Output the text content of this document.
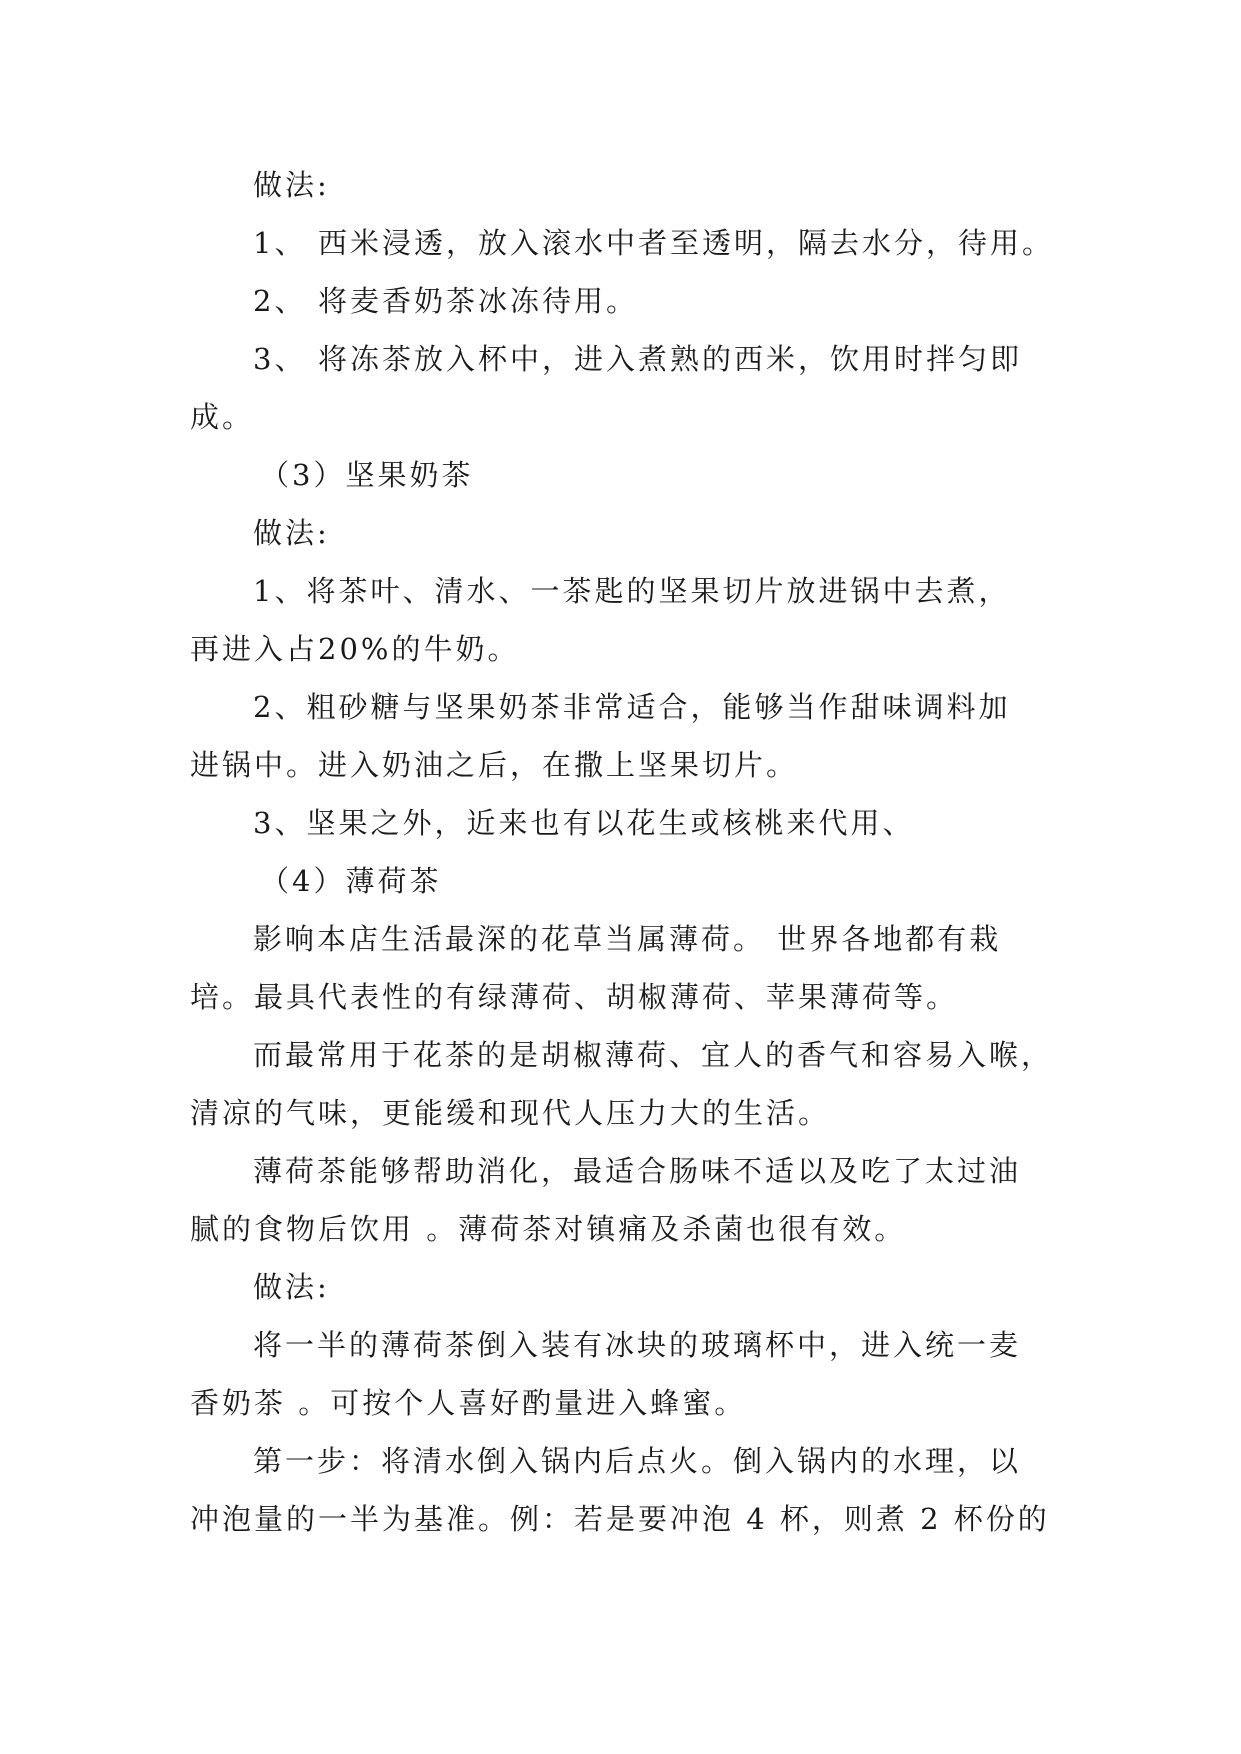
做法:
1、 西米浸透，放入滚水中者至透明，隔去水分，待用。
2、 将麦香奶茶冰冻待用。
3、 将冻茶放入杯中，进入煮熟的西米，饮用时拌匀即
成。
（3）坚果奶茶
做法:
1、将茶叶、清水、一茶匙的坚果切片放进锅中去煮，
再进入占20%的牛奶。
2、粗砂糖与坚果奶茶非常适合，能够当作甜味调料加
进锅中。进入奶油之后，在撒上坚果切片。
3、坚果之外，近来也有以花生或核桃来代用、
（4）薄荷茶
影响本店生活最深的花草当属薄荷。 世界各地都有栽
培。最具代表性的有绿薄荷、胡椒薄荷、苹果薄荷等。
而最常用于花茶的是胡椒薄荷、宜人的香气和容易入喉，
清凉的气味，更能缓和现代人压力大的生活。
薄荷茶能够帮助消化，最适合肠味不适以及吃了太过油
腻的食物后饮用 。薄荷茶对镇痛及杀菌也很有效。
做法:
将一半的薄荷茶倒入装有冰块的玻璃杯中，进入统一麦
香奶茶 。可按个人喜好酌量进入蜂蜜。
第一步：将清水倒入锅内后点火。倒入锅内的水理，以
冲泡量的一半为基准。例：若是要冲泡 4 杯，则煮 2 杯份的
